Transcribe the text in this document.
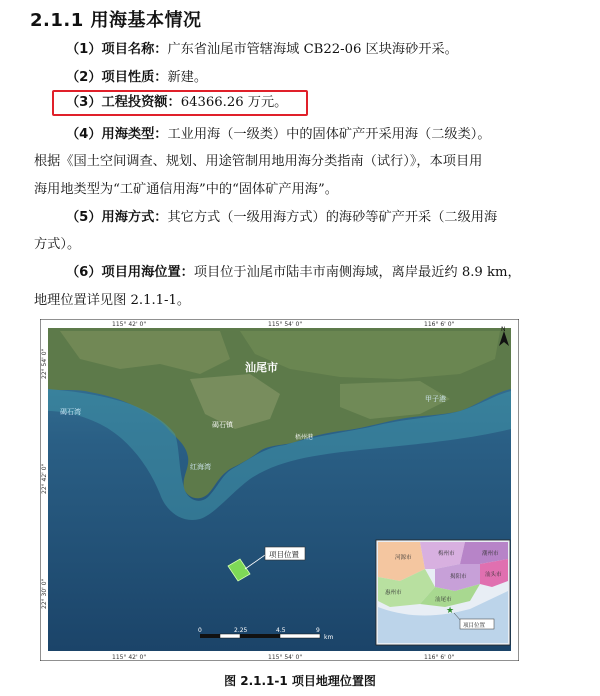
2.1.1 用海基本情况
（1）项目名称：广东省汕尾市管辖海域 CB22-06 区块海砂开采。
（2）项目性质：新建。
（3）工程投资额：64366.26 万元。
（4）用海类型：工业用海（一级类）中的固体矿产开采用海（二级类）。
根据《国土空间调查、规划、用途管制用地用海分类指南（试行）》，本项目用
海用地类型为“工矿通信用海”中的“固体矿产用海”。
（5）用海方式：其它方式（一级用海方式）的海砂等矿产开采（二级用海
方式）。
（6）项目用海位置：项目位于汕尾市陆丰市南侧海域，离岸最近约 8.9 km，
地理位置详见图 2.1.1-1。
115° 42' 0"	115° 54' 0"	116° 6' 0"
115° 42' 0"	115° 54' 0"	116° 6' 0"
22° 54' 0"
22° 42' 0"
22° 30' 0"
汕尾市
碣石镇
梧州港
碣石湾
红海湾
甲子港
N
项目位置
0	2.25	4.5	9
km
河源市
梅州市	潮州市
汕头市
揭阳市
惠州市
汕尾市
★
项目位置
图 2.1.1-1 项目地理位置图
